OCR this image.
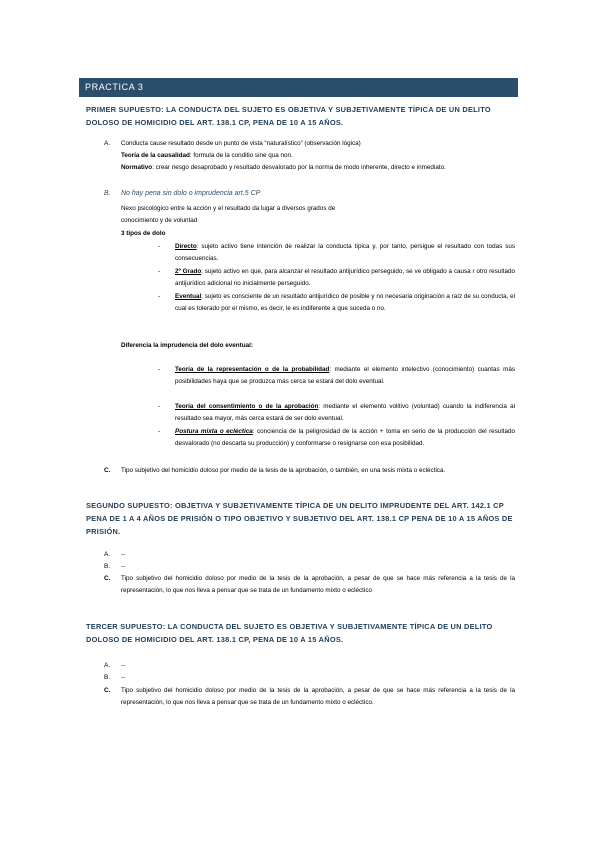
PRACTICA 3
PRIMER SUPUESTO: LA CONDUCTA DEL SUJETO ES OBJETIVA Y SUBJETIVAMENTE TÍPICA DE UN DELITO DOLOSO DE HOMICIDIO DEL ART. 138.1 CP, PENA DE 10 A 15 AÑOS.
A. Conducta cause resultado desde un punto de vista “naturalístico” (observación lógica)
Teoría de la causalidad: formula de la conditio sine qua non.
Normativo: crear riesgo desaprobado y resultado desvalorado por la norma de modo inherente, directo e inmediato.
B. No hay pena sin dolo o imprudencia art.5 CP
Nexo psicológico entre la acción y el resultado da lugar a diversos grados de
conocimiento y de voluntad
3 tipos de dolo
- Directo: sujeto activo tiene intención de realizar la conducta típica y, por tanto, persigue el resultado con todas sus consecuencias.
- 2º Grado: sujeto activo en que, para alcanzar el resultado antijurídico perseguido, se ve obligado a causa r otro resultado antijurídico adicional no inicialmente perseguido.
- Eventual: sujeto es consciente de un resultado antijurídico de posible y no necesaria originación a raíz de su conducta, el cual es tolerado por el mismo, es decir, le es indiferente a que suceda o no.
Diferencia la imprudencia del dolo eventual:
- Teoría de la representación o de la probabilidad: mediante el elemento intelectivo (conocimiento) cuantas más posibilidades haya que se produzca más cerca se estará del dolo eventual.
- Teoría del consentimiento o de la aprobación: mediante el elemento volitivo (voluntad) cuando la indiferencia al resultado sea mayor, más cerca estará de ser dolo eventual.
- Postura mixta o ecléctica: conciencia de la peligrosidad de la acción + toma en serio de la producción del resultado desvalorado (no descarta su producción) y conformarse o resignarse con esa posibilidad.
C. Tipo subjetivo del homicidio doloso por medio de la tesis de la aprobación, o también, en una tesis mixta o ecléctica.
SEGUNDO SUPUESTO: OBJETIVA Y SUBJETIVAMENTE TÍPICA DE UN DELITO IMPRUDENTE DEL ART. 142.1 CP PENA DE 1 A 4 AÑOS DE PRISIÓN O TIPO OBJETIVO Y SUBJETIVO DEL ART. 138.1 CP PENA DE 10 A 15 AÑOS DE PRISIÓN.
A. --
B. --
C. Tipo subjetivo del homicidio doloso por medio de la tesis de la aprobación, a pesar de que se hace más referencia a la tesis de la representación, lo que nos lleva a pensar que se trata de un fundamento mixto o ecléctico
TERCER SUPUESTO: LA CONDUCTA DEL SUJETO ES OBJETIVA Y SUBJETIVAMENTE TÍPICA DE UN DELITO DOLOSO DE HOMICIDIO DEL ART. 138.1 CP, PENA DE 10 A 15 AÑOS.
A. --
B. --
C. Tipo subjetivo del homicidio doloso por medio de la tesis de la aprobación, a pesar de que se hace más referencia a la tesis de la representación, lo que nos lleva a pensar que se trata de un fundamento mixto o ecléctico.
